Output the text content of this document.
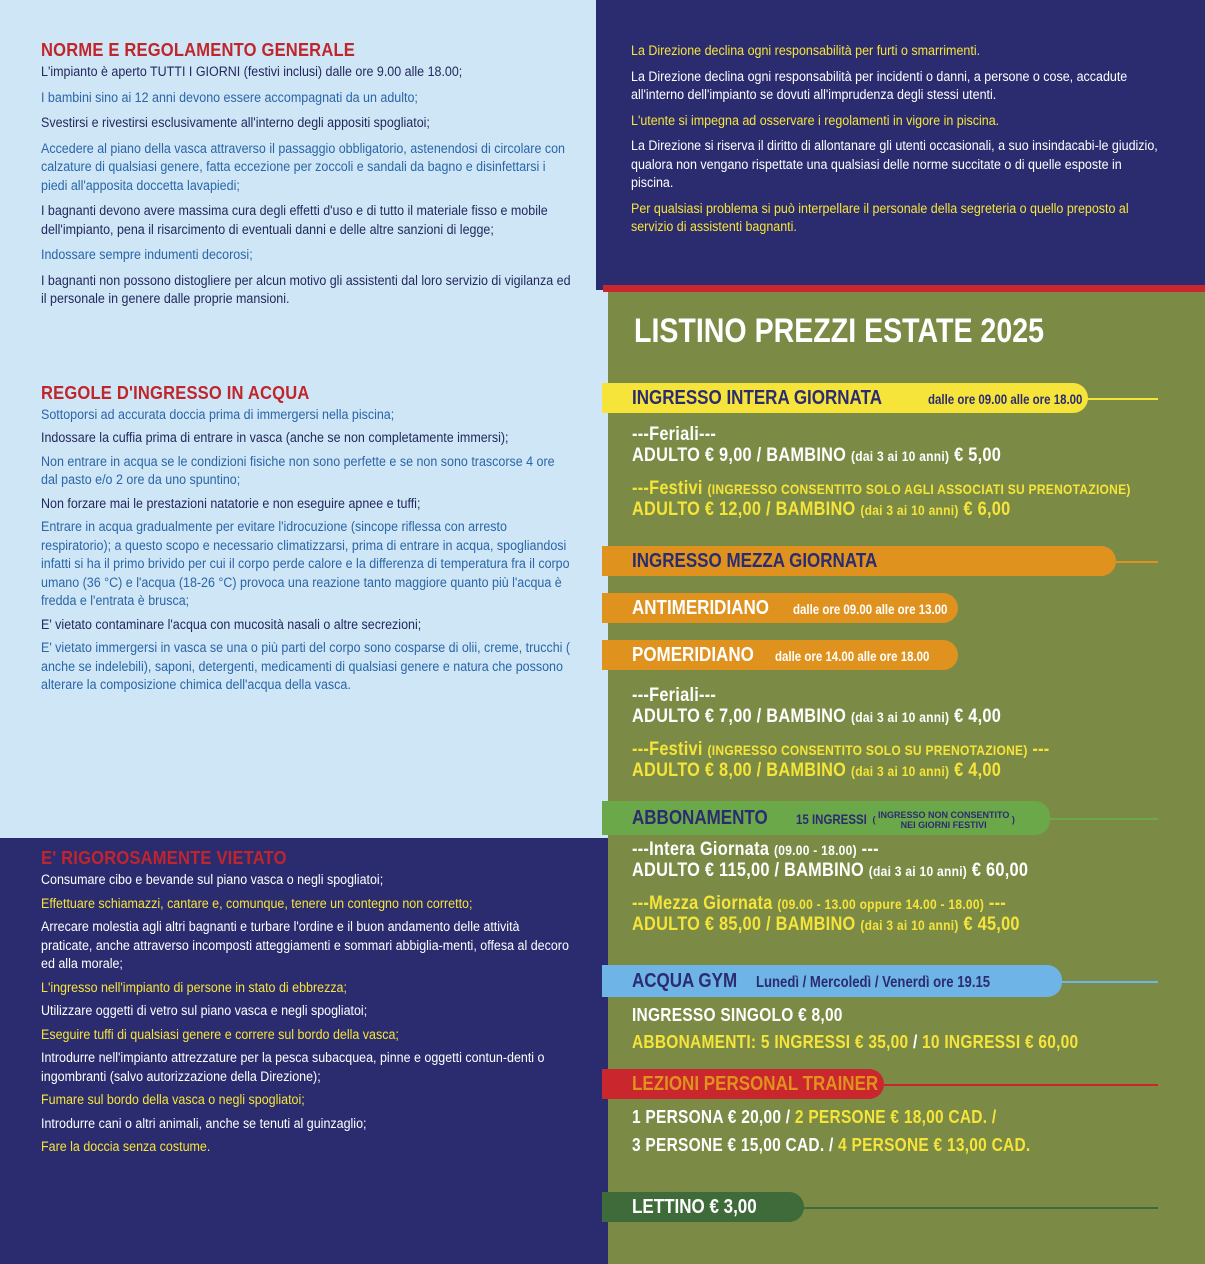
NORME E REGOLAMENTO GENERALE
L'impianto è aperto TUTTI I GIORNI (festivi inclusi) dalle ore 9.00 alle 18.00;
I bambini sino ai 12 anni devono essere accompagnati da un adulto;
Svestirsi e rivestirsi esclusivamente all'interno degli appositi spogliatoi;
Accedere al piano della vasca attraverso il passaggio obbligatorio, astenendosi di circolare con calzature di qualsiasi genere, fatta eccezione per zoccoli e sandali da bagno e disinfettarsi i piedi all'apposita doccetta lavapiedi;
I bagnanti devono avere massima cura degli effetti d'uso e di tutto il materiale fisso e mobile dell'impianto, pena il risarcimento di eventuali danni e delle altre sanzioni di legge;
Indossare sempre indumenti decorosi;
I bagnanti non possono distogliere per alcun motivo gli assistenti dal loro servizio di vigilanza ed il personale in genere dalle proprie mansioni.
REGOLE D'INGRESSO IN ACQUA
Sottoporsi ad accurata doccia prima di immergersi nella piscina;
Indossare la cuffia prima di entrare in vasca (anche se non completamente immersi);
Non entrare in acqua se le condizioni fisiche non sono perfette e se non sono trascorse 4 ore dal pasto e/o 2 ore da uno spuntino;
Non forzare mai le prestazioni natatorie e non eseguire apnee e tuffi;
Entrare in acqua gradualmente per evitare l'idrocuzione (sincope riflessa con arresto respiratorio); a questo scopo e necessario climatizzarsi, prima di entrare in acqua, spogliandosi infatti si ha il primo brivido per cui il corpo perde calore e la differenza di temperatura fra il corpo umano (36 °C) e l'acqua (18-26 °C) provoca una reazione tanto maggiore quanto più l'acqua è fredda e l'entrata è brusca;
E' vietato contaminare l'acqua con mucosità nasali o altre secrezioni;
E' vietato immergersi in vasca se una o più parti del corpo sono cosparse di olii, creme, trucchi ( anche se indelebili), saponi, detergenti, medicamenti di qualsiasi genere e natura che possono alterare la composizione chimica dell'acqua della vasca.
E' RIGOROSAMENTE VIETATO
Consumare cibo e bevande sul piano vasca o negli spogliatoi;
Effettuare schiamazzi, cantare e, comunque, tenere un contegno non corretto;
Arrecare molestia agli altri bagnanti e turbare l'ordine e il buon andamento delle attività praticate, anche attraverso incomposti atteggiamenti e sommari abbiglia-menti, offesa al decoro ed alla morale;
L'ingresso nell'impianto di persone in stato di ebbrezza;
Utilizzare oggetti di vetro sul piano vasca e negli spogliatoi;
Eseguire tuffi di qualsiasi genere e correre sul bordo della vasca;
Introdurre nell'impianto attrezzature per la pesca subacquea, pinne e oggetti contun-denti o ingombranti (salvo autorizzazione della Direzione);
Fumare sul bordo della vasca o negli spogliatoi;
Introdurre cani o altri animali, anche se tenuti al guinzaglio;
Fare la doccia senza costume.
La Direzione declina ogni responsabilità per furti o smarrimenti.
La Direzione declina ogni responsabilità per incidenti o danni, a persone o cose, accadute all'interno dell'impianto se dovuti all'imprudenza degli stessi utenti.
L'utente si impegna ad osservare i regolamenti in vigore in piscina.
La Direzione si riserva il diritto di allontanare gli utenti occasionali, a suo insindacabi-le giudizio, qualora non vengano rispettate una qualsiasi delle norme succitate o di quelle esposte in piscina.
Per qualsiasi problema si può interpellare il personale della segreteria o quello preposto al servizio di assistenti bagnanti.
LISTINO PREZZI ESTATE 2025
INGRESSO INTERA GIORNATA	dalle ore 09.00 alle ore 18.00
---Feriali---
ADULTO € 9,00 / BAMBINO (dai 3 ai 10 anni) € 5,00
---Festivi (INGRESSO CONSENTITO SOLO AGLI ASSOCIATI SU PRENOTAZIONE)
ADULTO € 12,00 / BAMBINO (dai 3 ai 10 anni) € 6,00
INGRESSO MEZZA GIORNATA
ANTIMERIDIANO dalle ore 09.00 alle ore 13.00
POMERIDIANO dalle ore 14.00 alle ore 18.00
---Feriali---
ADULTO € 7,00 / BAMBINO (dai 3 ai 10 anni) € 4,00
---Festivi (INGRESSO CONSENTITO SOLO SU PRENOTAZIONE) ---
ADULTO € 8,00 / BAMBINO (dai 3 ai 10 anni) € 4,00
ABBONAMENTO 15 INGRESSI ( INGRESSO NON CONSENTITO
NEI GIORNI FESTIVI )
---Intera Giornata (09.00 - 18.00) ---
ADULTO € 115,00 / BAMBINO (dai 3 ai 10 anni) € 60,00
---Mezza Giornata (09.00 - 13.00 oppure 14.00 - 18.00) ---
ADULTO € 85,00 / BAMBINO (dai 3 ai 10 anni) € 45,00
ACQUA GYM Lunedì / Mercoledì / Venerdì ore 19.15
INGRESSO SINGOLO € 8,00
ABBONAMENTI: 5 INGRESSI € 35,00 / 10 INGRESSI € 60,00
LEZIONI PERSONAL TRAINER
1 PERSONA € 20,00 / 2 PERSONE € 18,00 CAD. /
3 PERSONE € 15,00 CAD. / 4 PERSONE € 13,00 CAD.
LETTINO € 3,00
